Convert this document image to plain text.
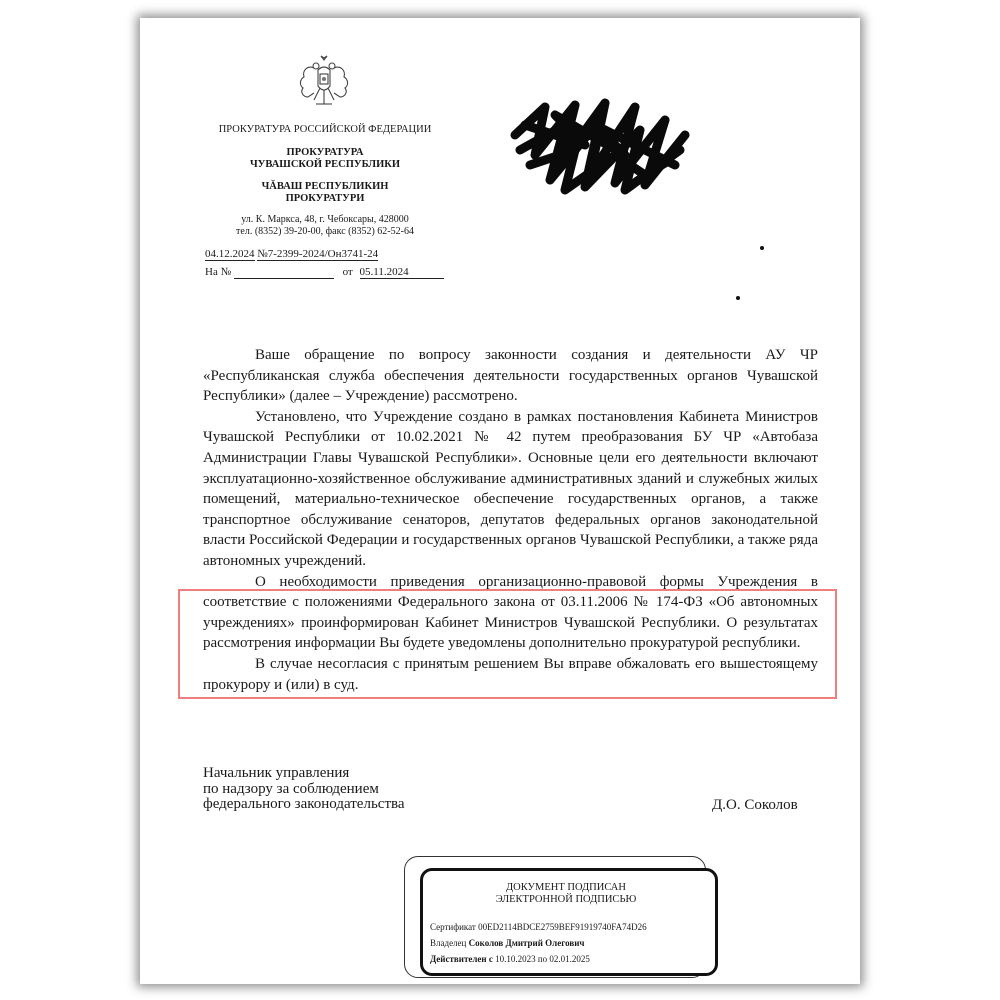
ПРОКУРАТУРА РОССИЙСКОЙ ФЕДЕРАЦИИ
ПРОКУРАТУРА
ЧУВАШСКОЙ РЕСПУБЛИКИ
ЧĂВАШ РЕСПУБЛИКИН
ПРОКУРАТУРИ
ул. К. Маркса, 48, г. Чебоксары, 428000
тел. (8352) 39-20-00, факс (8352) 62-52-64
04.12.2024 №7-2399-2024/Он3741-24
На №	от 05.11.2024

Ваше обращение по вопросу законности создания и деятельности АУ ЧР «Республиканская служба обеспечения деятельности государственных органов Чувашской Республики» (далее – Учреждение) рассмотрено.

Установлено, что Учреждение создано в рамках постановления Кабинета Министров Чувашской Республики от 10.02.2021 № 42 путем преобразования БУ ЧР «Автобаза Администрации Главы Чувашской Республики». Основные цели его деятельности включают эксплуатационно-хозяйственное обслуживание административных зданий и служебных жилых помещений, материально-техническое обеспечение государственных органов, а также транспортное обслуживание сенаторов, депутатов федеральных органов законодательной власти Российской Федерации и государственных органов Чувашской Республики, а также ряда автономных учреждений.

О необходимости приведения организационно-правовой формы Учреждения в соответствие с положениями Федерального закона от 03.11.2006 № 174-ФЗ «Об автономных учреждениях» проинформирован Кабинет Министров Чувашской Республики. О результатах рассмотрения информации Вы будете уведомлены дополнительно прокуратурой республики.

В случае несогласия с принятым решением Вы вправе обжаловать его вышестоящему прокурору и (или) в суд.

Начальник управления
по надзору за соблюдением
федерального законодательства	Д.О. Соколов
ДОКУМЕНТ ПОДПИСАН
ЭЛЕКТРОННОЙ ПОДПИСЬЮ
Сертификат 00ED2114BDCE2759BEF91919740FA74D26
Владелец Соколов Дмитрий Олегович
Действителен с 10.10.2023 по 02.01.2025
